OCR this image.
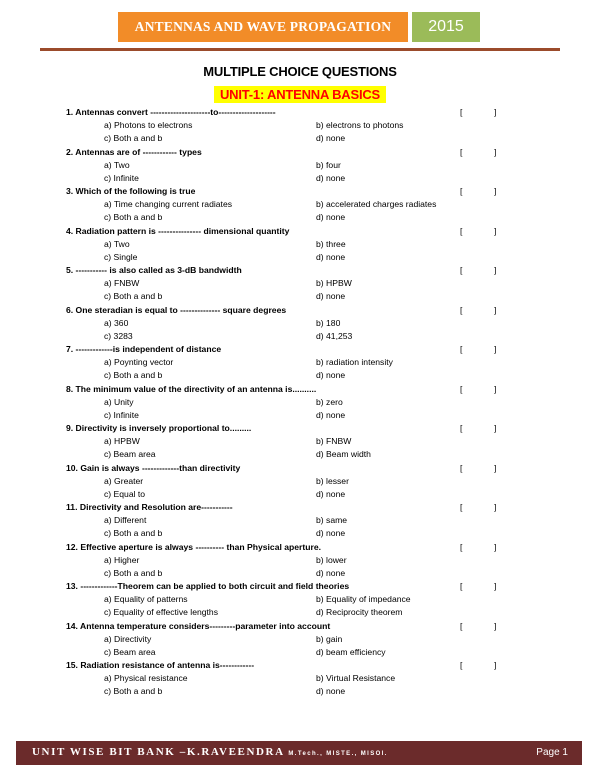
ANTENNAS AND WAVE PROPAGATION	2015
MULTIPLE CHOICE QUESTIONS
UNIT-1: ANTENNA BASICS
1. Antennas convert ---------------------to--------------------	[	]
a) Photons to electrons	b) electrons to photons
c) Both a and b	d) none
2. Antennas are of ------------ types	[	]
a) Two	b) four
c) Infinite	d) none
3. Which of the following is true	[	]
a) Time changing current radiates	b) accelerated charges radiates
c) Both a and b	d) none
4. Radiation pattern is --------------- dimensional quantity	[	]
a) Two	b) three
c) Single	d) none
5. ----------- is also called as 3-dB bandwidth	[	]
a) FNBW	b) HPBW
c) Both a and b	d) none
6. One steradian is equal to -------------- square degrees	[	]
a) 360	b) 180
c) 3283	d) 41,253
7. -------------is independent of distance	[	]
a) Poynting vector	b) radiation intensity
c) Both a and b	d) none
8. The minimum value of the directivity of an antenna is..........	[	]
a) Unity	b) zero
c) Infinite	d) none
9. Directivity is inversely proportional to.........	[	]
a) HPBW	b) FNBW
c) Beam area	d) Beam width
10. Gain is always -------------than directivity	[	]
a) Greater	b) lesser
c) Equal to	d) none
11. Directivity and Resolution are-----------	[	]
a) Different	b) same
c) Both a and b	d) none
12. Effective aperture is always ---------- than Physical aperture.	[	]
a) Higher	b) lower
c) Both a and b	d) none
13. -------------Theorem can be applied to both circuit and field theories	[	]
a) Equality of patterns	b) Equality of impedance
c) Equality of effective lengths	d) Reciprocity theorem
14. Antenna temperature considers---------parameter into account	[	]
a) Directivity	b) gain
c) Beam area	d) beam efficiency
15. Radiation resistance of antenna is------------	[	]
a) Physical resistance	b) Virtual Resistance
c) Both a and b	d) none
UNIT WISE BIT BANK –K.RAVEENDRA M.Tech., MISTE., MISOI.	Page 1
